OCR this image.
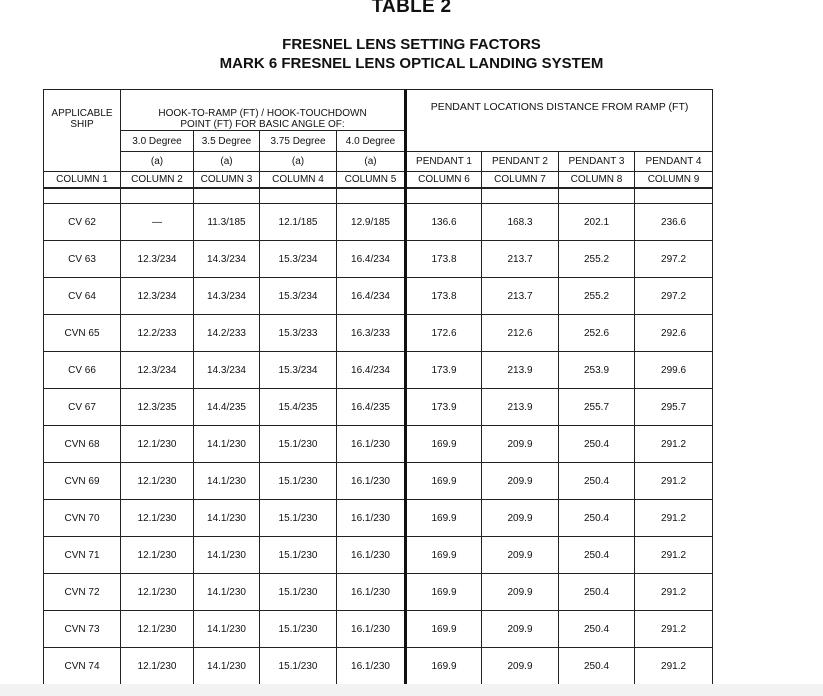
TABLE 2
FRESNEL LENS SETTING FACTORS
MARK 6 FRESNEL LENS OPTICAL LANDING SYSTEM
APPLICABLE SHIP	HOOK-TO-RAMP (FT) / HOOK-TOUCHDOWN
POINT (FT) FOR BASIC ANGLE OF:				PENDANT LOCATIONS DISTANCE FROM RAMP (FT)			
	3.0 Degree	3.5 Degree	3.75 Degree	4.0 Degree				
	(a)	(a)	(a)	(a)	PENDANT 1	PENDANT 2	PENDANT 3	PENDANT 4
COLUMN 1	COLUMN 2	COLUMN 3	COLUMN 4	COLUMN 5	COLUMN 6	COLUMN 7	COLUMN 8	COLUMN 9

CV 62	—	11.3/185	12.1/185	12.9/185	136.6	168.3	202.1	236.6
CV 63	12.3/234	14.3/234	15.3/234	16.4/234	173.8	213.7	255.2	297.2
CV 64	12.3/234	14.3/234	15.3/234	16.4/234	173.8	213.7	255.2	297.2
CVN 65	12.2/233	14.2/233	15.3/233	16.3/233	172.6	212.6	252.6	292.6
CV 66	12.3/234	14.3/234	15.3/234	16.4/234	173.9	213.9	253.9	299.6
CV 67	12.3/235	14.4/235	15.4/235	16.4/235	173.9	213.9	255.7	295.7
CVN 68	12.1/230	14.1/230	15.1/230	16.1/230	169.9	209.9	250.4	291.2
CVN 69	12.1/230	14.1/230	15.1/230	16.1/230	169.9	209.9	250.4	291.2
CVN 70	12.1/230	14.1/230	15.1/230	16.1/230	169.9	209.9	250.4	291.2
CVN 71	12.1/230	14.1/230	15.1/230	16.1/230	169.9	209.9	250.4	291.2
CVN 72	12.1/230	14.1/230	15.1/230	16.1/230	169.9	209.9	250.4	291.2
CVN 73	12.1/230	14.1/230	15.1/230	16.1/230	169.9	209.9	250.4	291.2
CVN 74	12.1/230	14.1/230	15.1/230	16.1/230	169.9	209.9	250.4	291.2
